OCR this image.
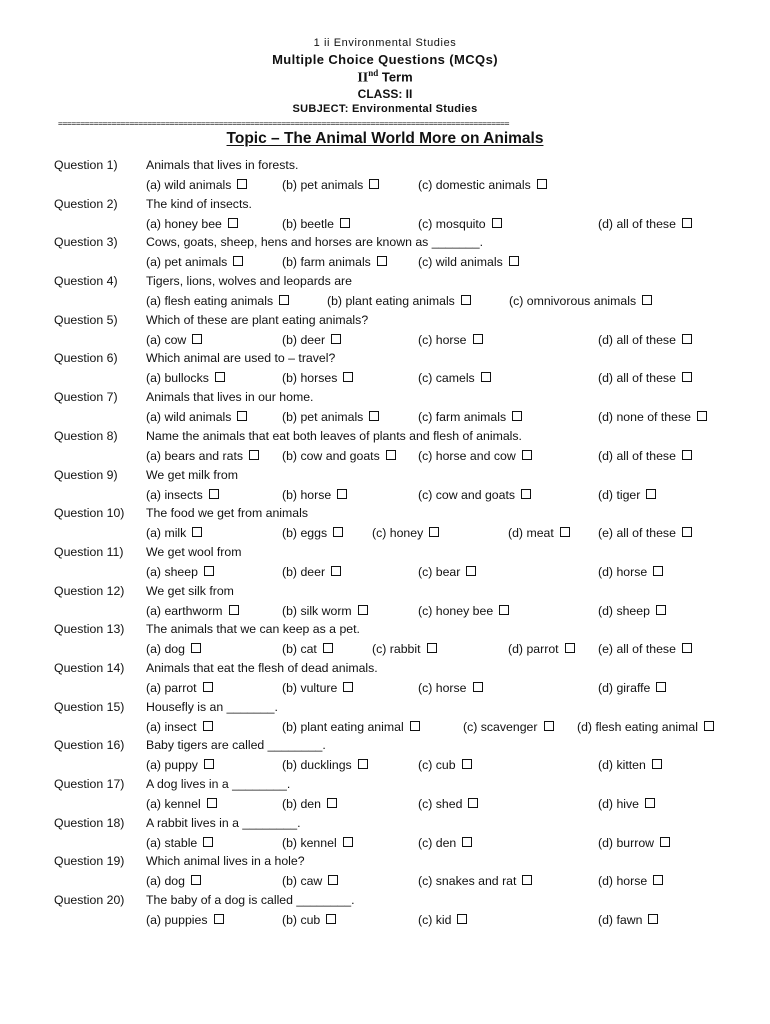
1 ii Environmental Studies
Multiple Choice Questions (MCQs)
IInd Term
CLASS: II
SUBJECT: Environmental Studies
=====================================================================================================
Topic – The Animal World More on Animals
Question 1) Animals that lives in forests.
(a) wild animals	(b) pet animals	(c) domestic animals
Question 2) The kind of insects.
(a) honey bee	(b) beetle	(c) mosquito	(d) all of these
Question 3) Cows, goats, sheep, hens and horses are known as _______.
(a) pet animals	(b) farm animals	(c) wild animals
Question 4) Tigers, lions, wolves and leopards are
(a) flesh eating animals	(b) plant eating animals	(c) omnivorous animals
Question 5) Which of these are plant eating animals?
(a) cow	(b) deer	(c) horse	(d) all of these
Question 6) Which animal are used to – travel?
(a) bullocks	(b) horses	(c) camels	(d) all of these
Question 7) Animals that lives in our home.
(a) wild animals	(b) pet animals	(c) farm animals	(d) none of these
Question 8) Name the animals that eat both leaves of plants and flesh of animals.
(a) bears and rats	(b) cow and goats	(c) horse and cow	(d) all of these
Question 9) We get milk from
(a) insects	(b) horse	(c) cow and goats	(d) tiger
Question 10) The food we get from animals
(a) milk	(b) eggs	(c) honey	(d) meat	(e) all of these
Question 11) We get wool from
(a) sheep	(b) deer	(c) bear	(d) horse
Question 12) We get silk from
(a) earthworm	(b) silk worm	(c) honey bee	(d) sheep
Question 13) The animals that we can keep as a pet.
(a) dog	(b) cat	(c) rabbit	(d) parrot	(e) all of these
Question 14) Animals that eat the flesh of dead animals.
(a) parrot	(b) vulture	(c) horse	(d) giraffe
Question 15) Housefly is an _______.
(a) insect	(b) plant eating animal	(c) scavenger	(d) flesh eating animal
Question 16) Baby tigers are called ________.
(a) puppy	(b) ducklings	(c) cub	(d) kitten
Question 17) A dog lives in a ________.
(a) kennel	(b) den	(c) shed	(d) hive
Question 18) A rabbit lives in a ________.
(a) stable	(b) kennel	(c) den	(d) burrow
Question 19) Which animal lives in a hole?
(a) dog	(b) caw	(c) snakes and rat	(d) horse
Question 20) The baby of a dog is called ________.
(a) puppies	(b) cub	(c) kid	(d) fawn
